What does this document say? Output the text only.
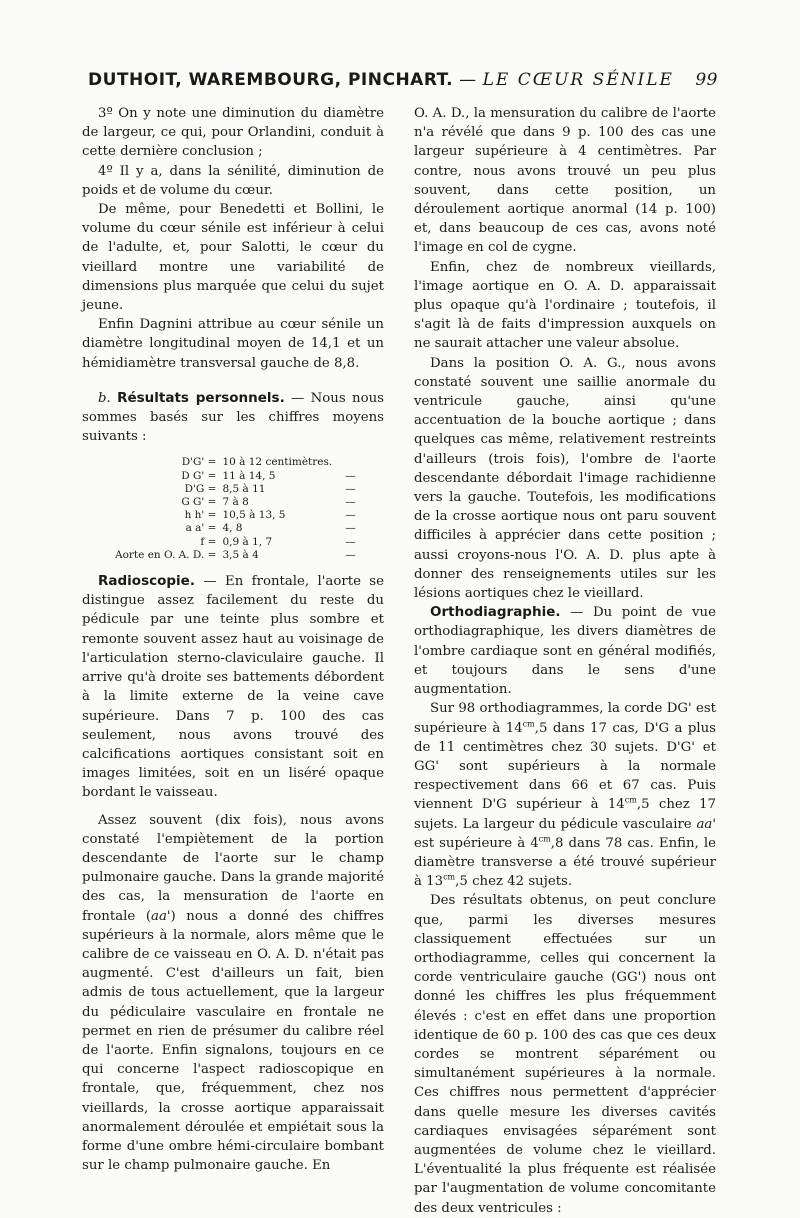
DUTHOIT, WAREMBOURG, PINCHART. — LE CŒUR SÉNILE 99

3º On y note une diminution du diamètre de largeur, ce qui, pour Orlandini, conduit à cette dernière conclusion ;

4º Il y a, dans la sénilité, diminution de poids et de volume du cœur.

De même, pour Benedetti et Bollini, le volume du cœur sénile est inférieur à celui de l'adulte, et, pour Salotti, le cœur du vieillard montre une variabilité de dimensions plus marquée que celui du sujet jeune.

Enfin Dagnini attribue au cœur sénile un diamètre longitudinal moyen de 14,1 et un hémidiamètre transversal gauche de 8,8.

b. Résultats personnels. — Nous nous sommes basés sur les chiffres moyens suivants :

D'G' =	10 à 12 centimètres.	
D G' =	11 à 14, 5	—
D'G =	8,5 à 11	—
G G' =	7 à 8	—
h h' =	10,5 à 13, 5	—
a a' =	4, 8	—
f =	0,9 à 1, 7	—
Aorte en O. A. D. =	3,5 à 4	—

Radioscopie. — En frontale, l'aorte se distingue assez facilement du reste du pédicule par une teinte plus sombre et remonte souvent assez haut au voisinage de l'articulation sterno-claviculaire gauche. Il arrive qu'à droite ses battements débordent à la limite externe de la veine cave supérieure. Dans 7 p. 100 des cas seulement, nous avons trouvé des calcifications aortiques consistant soit en images limitées, soit en un liséré opaque bordant le vaisseau.

Assez souvent (dix fois), nous avons constaté l'empiètement de la portion descendante de l'aorte sur le champ pulmonaire gauche. Dans la grande majorité des cas, la mensuration de l'aorte en frontale (aa') nous a donné des chiffres supérieurs à la normale, alors même que le calibre de ce vaisseau en O. A. D. n'était pas augmenté. C'est d'ailleurs un fait, bien admis de tous actuellement, que la largeur du pédiculaire vasculaire en frontale ne permet en rien de présumer du calibre réel de l'aorte. Enfin signalons, toujours en ce qui concerne l'aspect radioscopique en frontale, que, fréquemment, chez nos vieillards, la crosse aortique apparaissait anormalement déroulée et empiétait sous la forme d'une ombre hémi-circulaire bombant sur le champ pulmonaire gauche. En

O. A. D., la mensuration du calibre de l'aorte n'a révélé que dans 9 p. 100 des cas une largeur supérieure à 4 centimètres. Par contre, nous avons trouvé un peu plus souvent, dans cette position, un déroulement aortique anormal (14 p. 100) et, dans beaucoup de ces cas, avons noté l'image en col de cygne.

Enfin, chez de nombreux vieillards, l'image aortique en O. A. D. apparaissait plus opaque qu'à l'ordinaire ; toutefois, il s'agit là de faits d'impression auxquels on ne saurait attacher une valeur absolue.

Dans la position O. A. G., nous avons constaté souvent une saillie anormale du ventricule gauche, ainsi qu'une accentuation de la bouche aortique ; dans quelques cas même, relativement restreints d'ailleurs (trois fois), l'ombre de l'aorte descendante débordait l'image rachidienne vers la gauche. Toutefois, les modifications de la crosse aortique nous ont paru souvent difficiles à apprécier dans cette position ; aussi croyons-nous l'O. A. D. plus apte à donner des renseignements utiles sur les lésions aortiques chez le vieillard.

Orthodiagraphie. — Du point de vue orthodiagraphique, les divers diamètres de l'ombre cardiaque sont en général modifiés, et toujours dans le sens d'une augmentation.

Sur 98 orthodiagrammes, la corde DG' est supérieure à $14^{cm},5$ dans 17 cas, D'G a plus de 11 centimètres chez 30 sujets. D'G' et GG' sont supérieurs à la normale respectivement dans 66 et 67 cas. Puis viennent D'G supérieur à $14^{cm},5$ chez 17 sujets. La largeur du pédicule vasculaire aa' est supérieure à $4^{cm},8$ dans 78 cas. Enfin, le diamètre transverse a été trouvé supérieur à $13^{cm},5$ chez 42 sujets.

Des résultats obtenus, on peut conclure que, parmi les diverses mesures classiquement effectuées sur un orthodiagramme, celles qui concernent la corde ventriculaire gauche (GG') nous ont donné les chiffres les plus fréquemment élevés : c'est en effet dans une proportion identique de 60 p. 100 des cas que ces deux cordes se montrent séparément ou simultanément supérieures à la normale. Ces chiffres nous permettent d'apprécier dans quelle mesure les diverses cavités cardiaques envisagées séparément sont augmentées de volume chez le vieillard. L'éventualité la plus fréquente est réalisée par l'augmentation de volume concomitante des deux ventricules :
